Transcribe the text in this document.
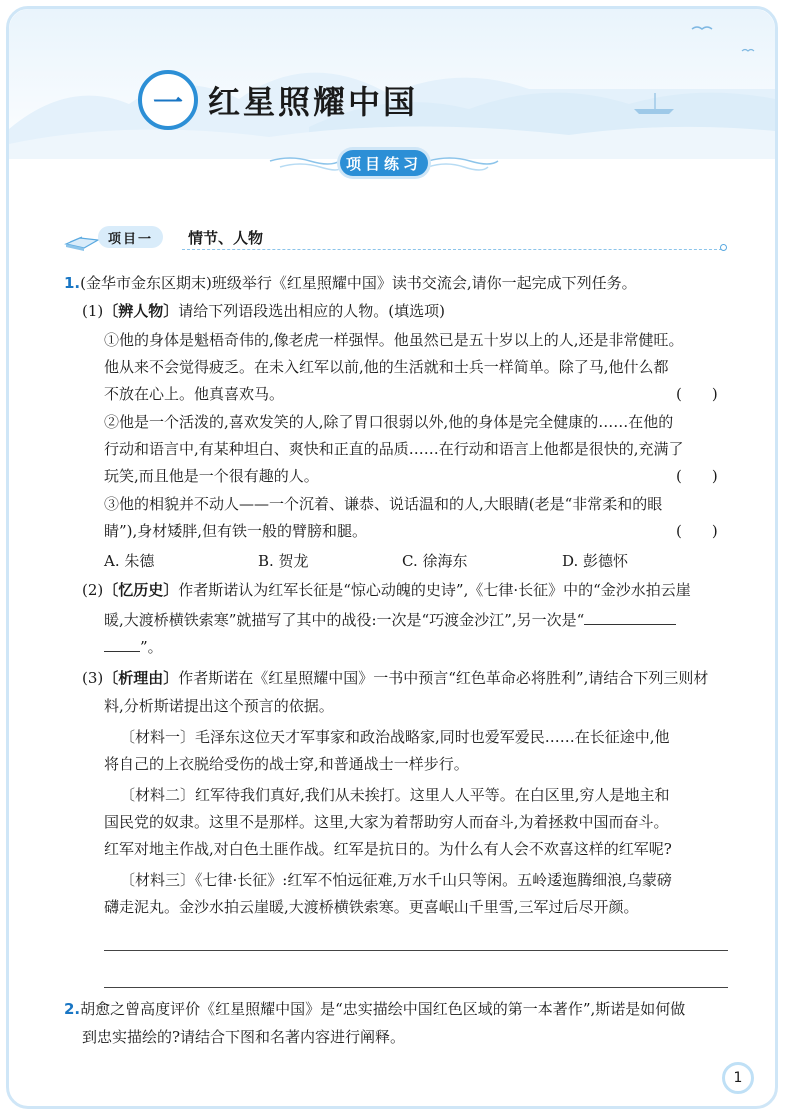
一 红星照耀中国
项目练习
项目一	情节、人物
1.(金华市金东区期末)班级举行《红星照耀中国》读书交流会,请你一起完成下列任务。
(1)〔辨人物〕请给下列语段选出相应的人物。(填选项)
①他的身体是魁梧奇伟的,像老虎一样强悍。他虽然已是五十岁以上的人,还是非常健旺。
他从来不会觉得疲乏。在未入红军以前,他的生活就和士兵一样简单。除了马,他什么都
不放在心上。他真喜欢马。	(　　)
②他是一个活泼的,喜欢发笑的人,除了胃口很弱以外,他的身体是完全健康的……在他的
行动和语言中,有某种坦白、爽快和正直的品质……在行动和语言上他都是很快的,充满了
玩笑,而且他是一个很有趣的人。	(　　)
③他的相貌并不动人——一个沉着、谦恭、说话温和的人,大眼睛(老是“非常柔和的眼
睛”),身材矮胖,但有铁一般的臂膀和腿。	(　　)
A. 朱德	B. 贺龙	C. 徐海东	D. 彭德怀
(2)〔忆历史〕作者斯诺认为红军长征是“惊心动魄的史诗”,《七律·长征》中的“金沙水拍云崖
暖,大渡桥横铁索寒”就描写了其中的战役:一次是“巧渡金沙江”,另一次是“
”。
(3)〔析理由〕作者斯诺在《红星照耀中国》一书中预言“红色革命必将胜利”,请结合下列三则材
料,分析斯诺提出这个预言的依据。
〔材料一〕毛泽东这位天才军事家和政治战略家,同时也爱军爱民……在长征途中,他
将自己的上衣脱给受伤的战士穿,和普通战士一样步行。
〔材料二〕红军待我们真好,我们从未挨打。这里人人平等。在白区里,穷人是地主和
国民党的奴隶。这里不是那样。这里,大家为着帮助穷人而奋斗,为着拯救中国而奋斗。
红军对地主作战,对白色土匪作战。红军是抗日的。为什么有人会不欢喜这样的红军呢?
〔材料三〕《七律·长征》:红军不怕远征难,万水千山只等闲。五岭逶迤腾细浪,乌蒙磅
礴走泥丸。金沙水拍云崖暖,大渡桥横铁索寒。更喜岷山千里雪,三军过后尽开颜。
2.胡愈之曾高度评价《红星照耀中国》是“忠实描绘中国红色区域的第一本著作”,斯诺是如何做
到忠实描绘的?请结合下图和名著内容进行阐释。
1
